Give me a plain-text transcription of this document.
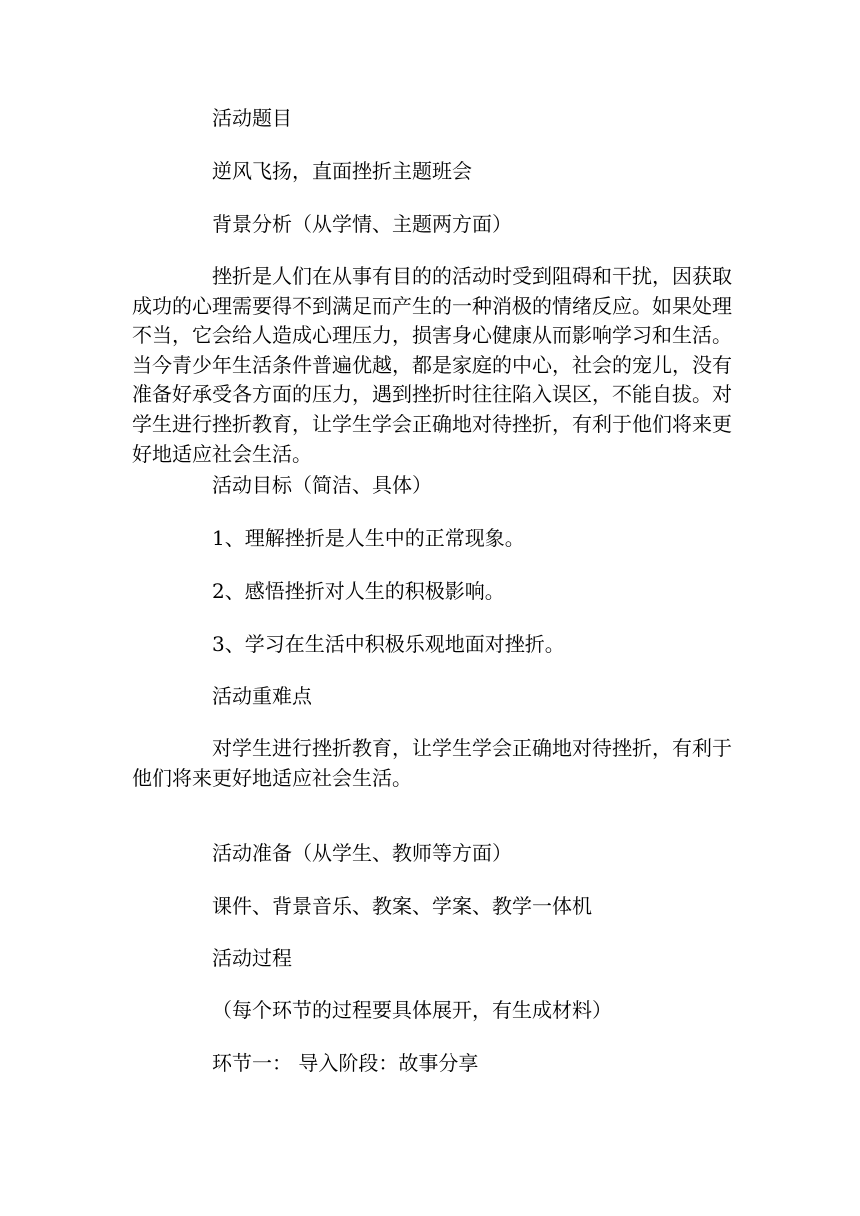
活动题目

逆风飞扬，直面挫折主题班会

背景分析（从学情、主题两方面）

挫折是人们在从事有目的的活动时受到阻碍和干扰，因获取成功的心理需要得不到满足而产生的一种消极的情绪反应。如果处理不当，它会给人造成心理压力，损害身心健康从而影响学习和生活。当今青少年生活条件普遍优越，都是家庭的中心，社会的宠儿，没有准备好承受各方面的压力，遇到挫折时往往陷入误区，不能自拔。对学生进行挫折教育，让学生学会正确地对待挫折，有利于他们将来更好地适应社会生活。

活动目标（简洁、具体）

1、理解挫折是人生中的正常现象。

2、感悟挫折对人生的积极影响。

3、学习在生活中积极乐观地面对挫折。

活动重难点

对学生进行挫折教育，让学生学会正确地对待挫折，有利于他们将来更好地适应社会生活。

活动准备（从学生、教师等方面）

课件、背景音乐、教案、学案、教学一体机

活动过程

（每个环节的过程要具体展开，有生成材料）

环节一： 导入阶段：故事分享
